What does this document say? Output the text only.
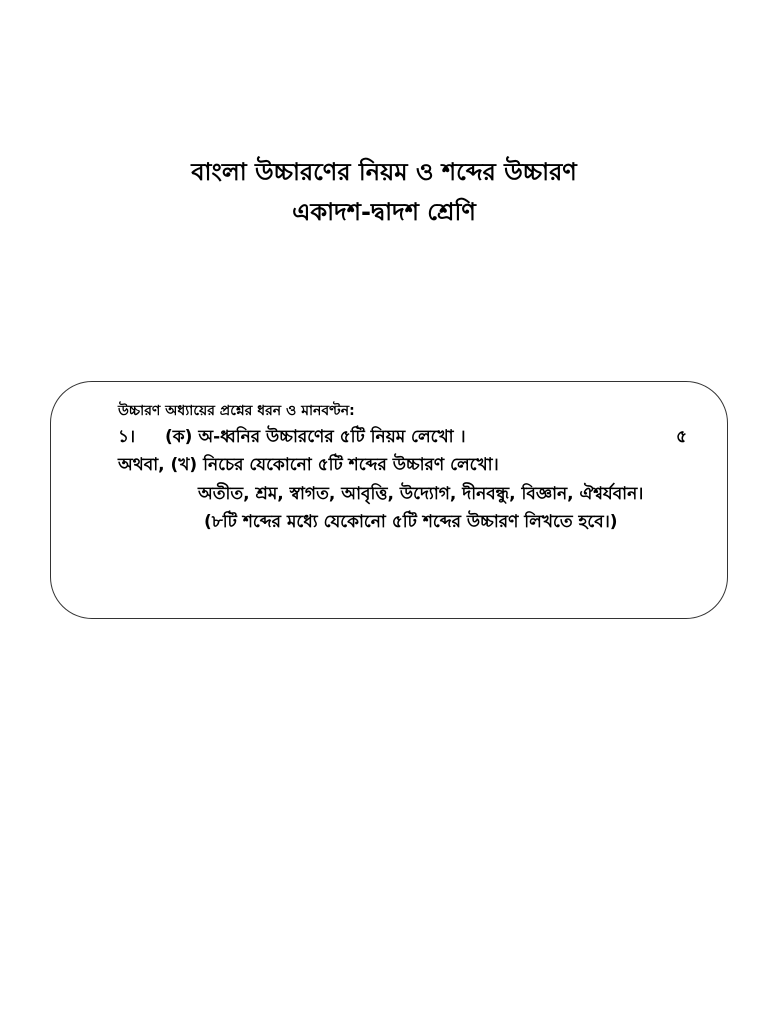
বাংলা উচ্চারণের নিয়ম ও শব্দের উচ্চারণ
একাদশ-দ্বাদশ শ্রেণি
উচ্চারণ অধ্যায়ের প্রশ্নের ধরন ও মানবণ্টন:
১। (ক) অ-ধ্বনির উচ্চারণের ৫টি নিয়ম লেখো ।	৫
অথবা, (খ) নিচের যেকোনো ৫টি শব্দের উচ্চারণ লেখো।
অতীত, শ্রম, স্বাগত, আবৃত্তি, উদ্যোগ, দীনবন্ধু, বিজ্ঞান, ঐশ্বর্যবান।
(৮টি শব্দের মধ্যে যেকোনো ৫টি শব্দের উচ্চারণ লিখতে হবে।)
